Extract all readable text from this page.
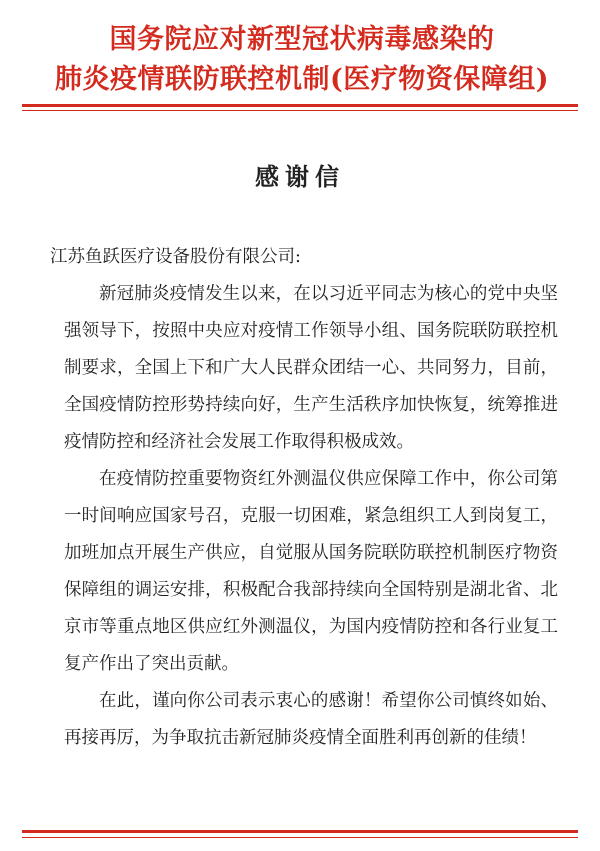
国务院应对新型冠状病毒感染的
肺炎疫情联防联控机制(医疗物资保障组)
感谢信

江苏鱼跃医疗设备股份有限公司:

新冠肺炎疫情发生以来，在以习近平同志为核心的党中央坚强领导下，按照中央应对疫情工作领导小组、国务院联防联控机制要求，全国上下和广大人民群众团结一心、共同努力，目前，全国疫情防控形势持续向好，生产生活秩序加快恢复，统筹推进疫情防控和经济社会发展工作取得积极成效。

在疫情防控重要物资红外测温仪供应保障工作中，你公司第一时间响应国家号召，克服一切困难，紧急组织工人到岗复工，加班加点开展生产供应，自觉服从国务院联防联控机制医疗物资保障组的调运安排，积极配合我部持续向全国特别是湖北省、北京市等重点地区供应红外测温仪，为国内疫情防控和各行业复工复产作出了突出贡献。

在此，谨向你公司表示衷心的感谢！希望你公司慎终如始、再接再厉，为争取抗击新冠肺炎疫情全面胜利再创新的佳绩！
